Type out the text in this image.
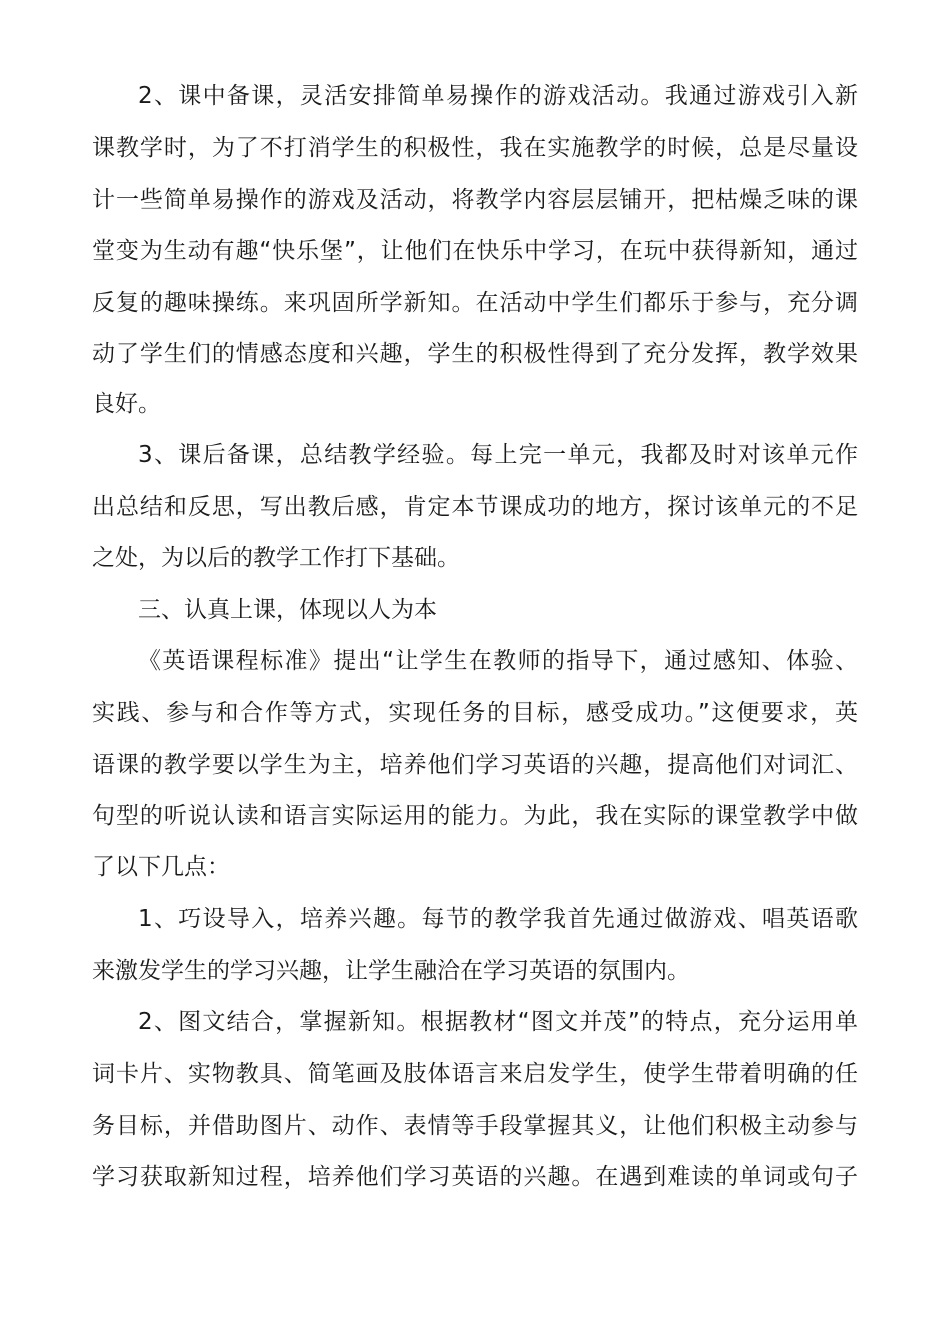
2、课中备课，灵活安排简单易操作的游戏活动。我通过游戏引入新
课教学时，为了不打消学生的积极性，我在实施教学的时候，总是尽量设
计一些简单易操作的游戏及活动，将教学内容层层铺开，把枯燥乏味的课
堂变为生动有趣“快乐堡”，让他们在快乐中学习，在玩中获得新知，通过
反复的趣味操练。来巩固所学新知。在活动中学生们都乐于参与，充分调
动了学生们的情感态度和兴趣，学生的积极性得到了充分发挥，教学效果
良好。
3、课后备课，总结教学经验。每上完一单元，我都及时对该单元作
出总结和反思，写出教后感，肯定本节课成功的地方，探讨该单元的不足
之处，为以后的教学工作打下基础。
三、认真上课，体现以人为本
《英语课程标准》提出“让学生在教师的指导下，通过感知、体验、
实践、参与和合作等方式，实现任务的目标，感受成功。”这便要求，英
语课的教学要以学生为主，培养他们学习英语的兴趣，提高他们对词汇、
句型的听说认读和语言实际运用的能力。为此，我在实际的课堂教学中做
了以下几点：
1、巧设导入，培养兴趣。每节的教学我首先通过做游戏、唱英语歌
来激发学生的学习兴趣，让学生融洽在学习英语的氛围内。
2、图文结合，掌握新知。根据教材“图文并茂”的特点，充分运用单
词卡片、实物教具、简笔画及肢体语言来启发学生，使学生带着明确的任
务目标，并借助图片、动作、表情等手段掌握其义，让他们积极主动参与
学习获取新知过程，培养他们学习英语的兴趣。在遇到难读的单词或句子
